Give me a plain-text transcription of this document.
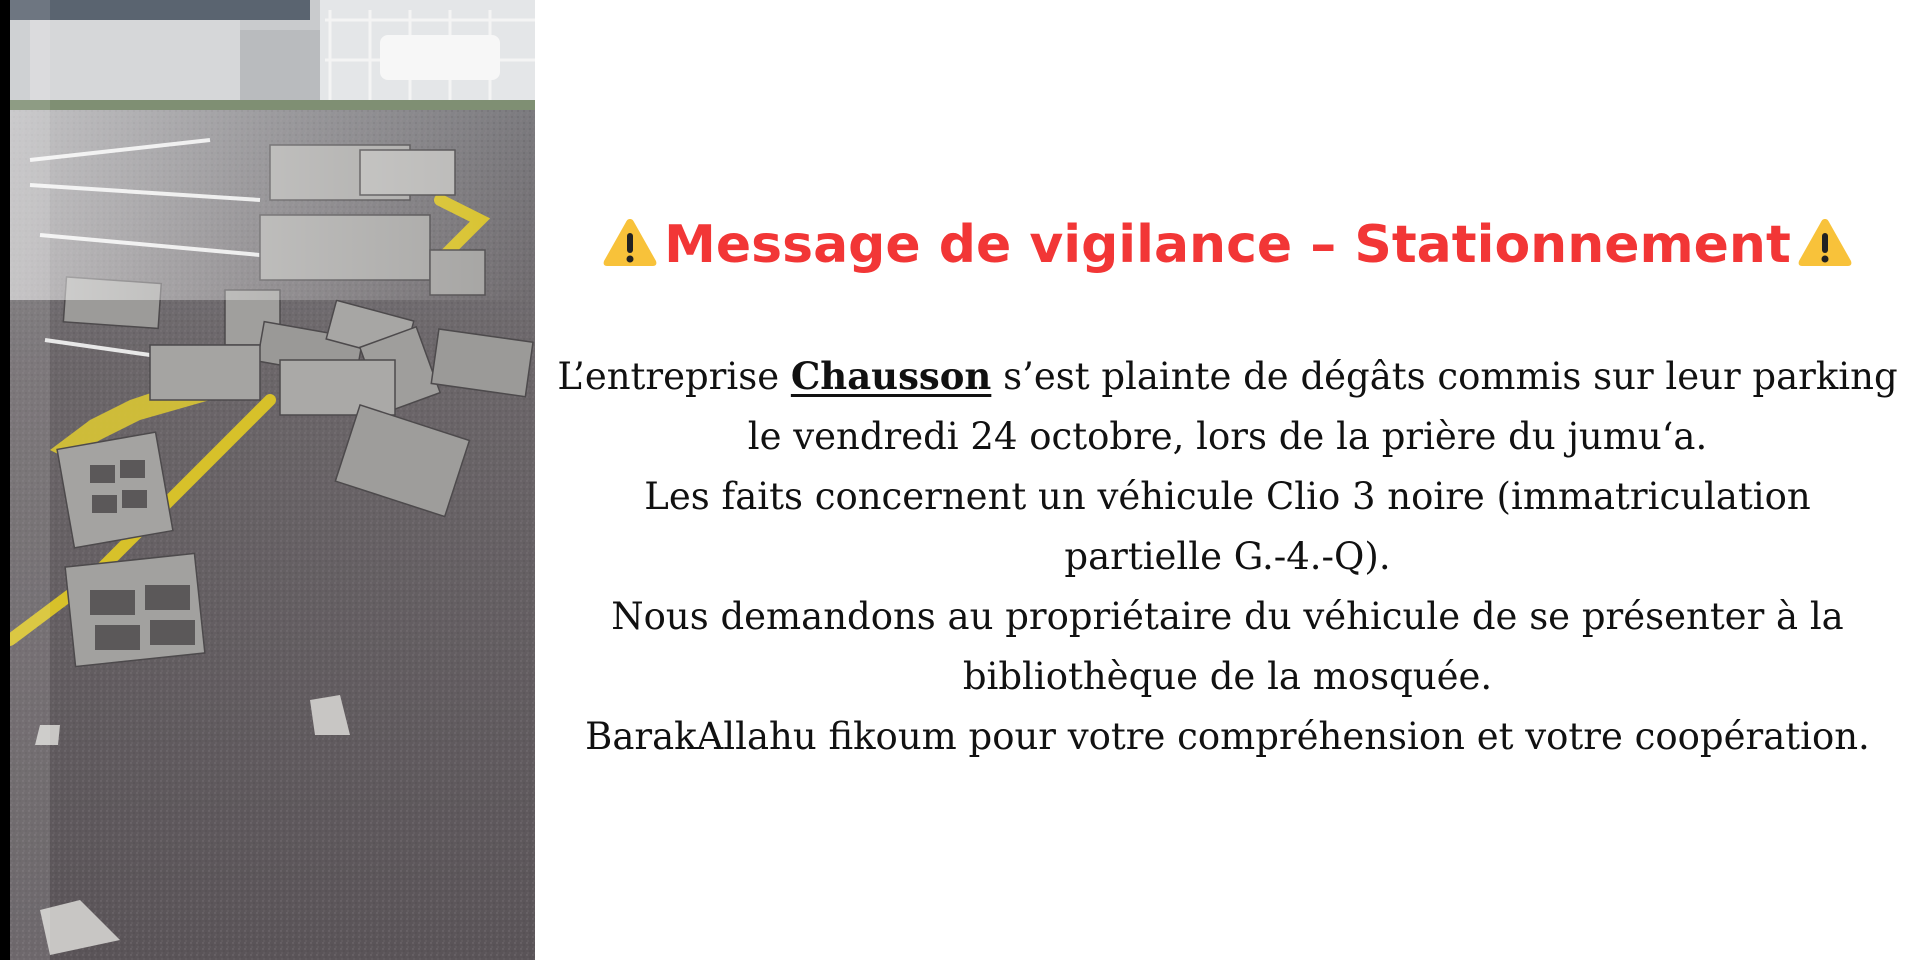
Message de vigilance – Stationnement
L’entreprise Chausson s’est plainte de dégâts commis sur leur parking
le vendredi 24 octobre, lors de la prière du jumu‘a.
Les faits concernent un véhicule Clio 3 noire (immatriculation
partielle G.-4.-Q).
Nous demandons au propriétaire du véhicule de se présenter à la
bibliothèque de la mosquée.
BarakAllahu fikoum pour votre compréhension et votre coopération.
